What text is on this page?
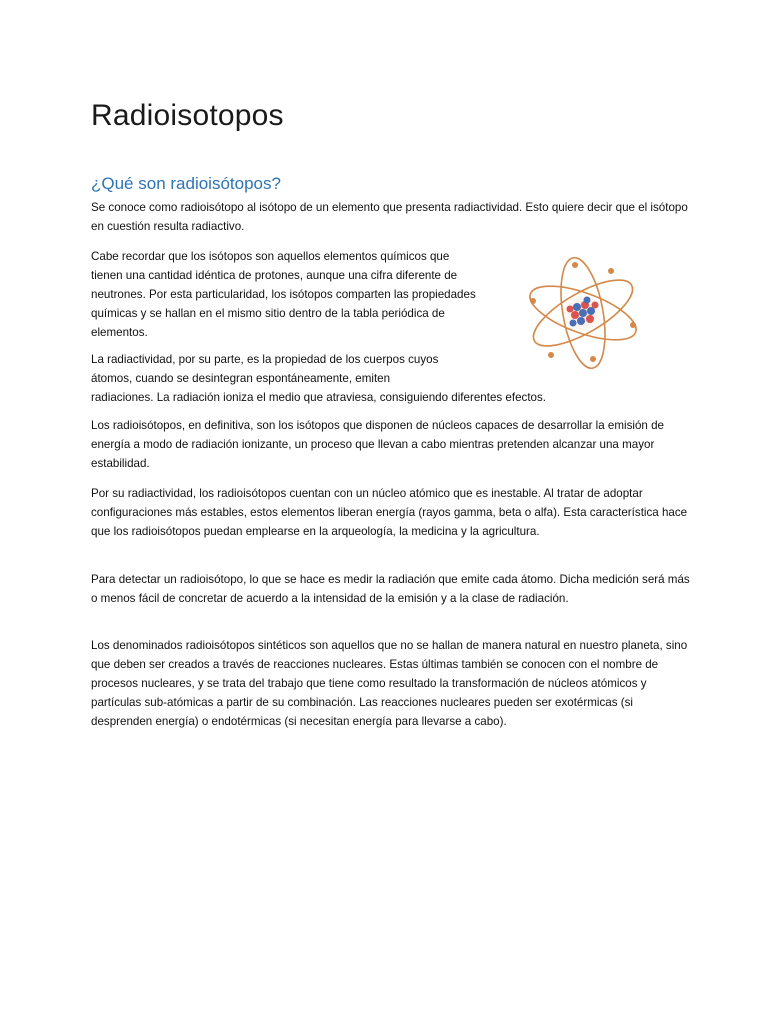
Radioisotopos
¿Qué son radioisótopos?

Se conoce como radioisótopo al isótopo de un elemento que presenta radiactividad. Esto quiere decir que el isótopo en cuestión resulta radiactivo.

Cabe recordar que los isótopos son aquellos elementos químicos que tienen una cantidad idéntica de protones, aunque una cifra diferente de neutrones. Por esta particularidad, los isótopos comparten las propiedades químicas y se hallan en el mismo sitio dentro de la tabla periódica de elementos.

La radiactividad, por su parte, es la propiedad de los cuerpos cuyos átomos, cuando se desintegran espontáneamente, emiten
radiaciones. La radiación ioniza el medio que atraviesa, consiguiendo diferentes efectos.

Los radioisótopos, en definitiva, son los isótopos que disponen de núcleos capaces de desarrollar la emisión de energía a modo de radiación ionizante, un proceso que llevan a cabo mientras pretenden alcanzar una mayor estabilidad.

Por su radiactividad, los radioisótopos cuentan con un núcleo atómico que es inestable. Al tratar de adoptar configuraciones más estables, estos elementos liberan energía (rayos gamma, beta o alfa). Esta característica hace que los radioisótopos puedan emplearse en la arqueología, la medicina y la agricultura.

Para detectar un radioisótopo, lo que se hace es medir la radiación que emite cada átomo. Dicha medición será más o menos fácil de concretar de acuerdo a la intensidad de la emisión y a la clase de radiación.

Los denominados radioisótopos sintéticos son aquellos que no se hallan de manera natural en nuestro planeta, sino que deben ser creados a través de reacciones nucleares. Estas últimas también se conocen con el nombre de procesos nucleares, y se trata del trabajo que tiene como resultado la transformación de núcleos atómicos y partículas sub-atómicas a partir de su combinación. Las reacciones nucleares pueden ser exotérmicas (si desprenden energía) o endotérmicas (si necesitan energía para llevarse a cabo).
